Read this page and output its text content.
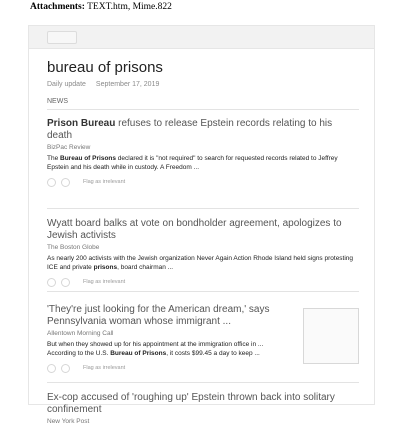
Attachments: TEXT.htm, Mime.822
bureau of prisons
Daily update September 17, 2019
NEWS
Prison Bureau refuses to release Epstein records relating to his death
BizPac Review
The Bureau of Prisons declared it is "not required" to search for requested records related to Jeffrey Epstein and his death while in custody. A Freedom ...
Flag as irrelevant
Wyatt board balks at vote on bondholder agreement, apologizes to Jewish activists
The Boston Globe
As nearly 200 activists with the Jewish organization Never Again Action Rhode Island held signs protesting ICE and private prisons, board chairman ...
Flag as irrelevant
'They're just looking for the American dream,' says Pennsylvania woman whose immigrant ...
Allentown Morning Call
But when they showed up for his appointment at the immigration office in ...
According to the U.S. Bureau of Prisons, it costs $99.45 a day to keep ...
Flag as irrelevant
Ex-cop accused of 'roughing up' Epstein thrown back into solitary confinement
New York Post
